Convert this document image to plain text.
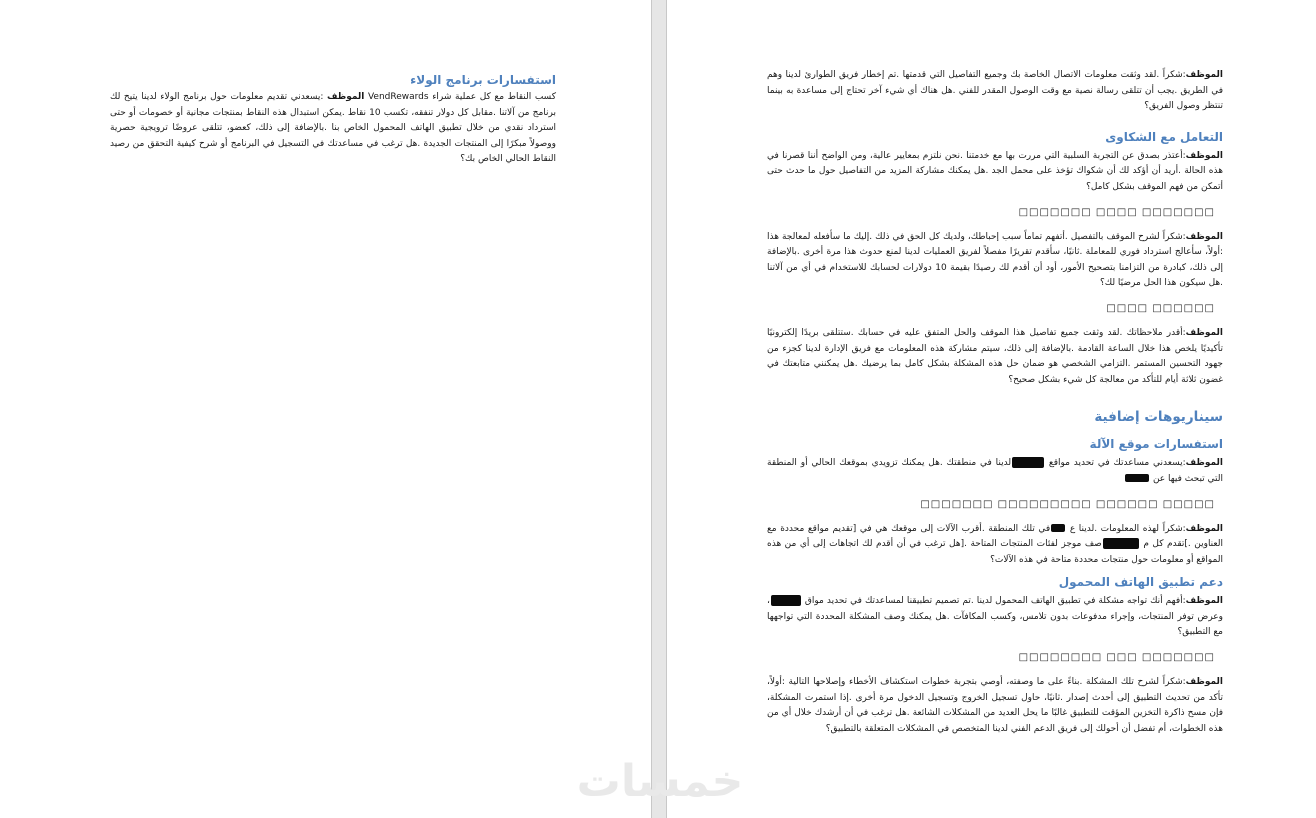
استفسارات برنامج الولاء

كسب النقاط مع كل عملية شراء VendRewards الموظف :يسعدني تقديم معلومات حول برنامج الولاء لدينا يتيح لك برنامج من آلاتنا .مقابل كل دولار تنفقه، تكسب 10 نقاط .يمكن استبدال هذه النقاط بمنتجات مجانية أو خصومات أو حتى استرداد نقدي من خلال تطبيق الهاتف المحمول الخاص بنا .بالإضافة إلى ذلك، كعضو، تتلقى عروضًا ترويجية حصرية ووصولاً مبكرًا إلى المنتجات الجديدة .هل ترغب في مساعدتك في التسجيل في البرنامج أو شرح كيفية التحقق من رصيد النقاط الحالي الخاص بك؟

الموظف:شكراً .لقد وثقت معلومات الاتصال الخاصة بك وجميع التفاصيل التي قدمتها .تم إخطار فريق الطوارئ لدينا وهم في الطريق .يجب أن تتلقى رسالة نصية مع وقت الوصول المقدر للفني .هل هناك أي شيء آخر تحتاج إلى مساعدة به بينما تنتظر وصول الفريق؟

التعامل مع الشكاوى

الموظف:أعتذر بصدق عن التجربة السلبية التي مررت بها مع خدمتنا .نحن نلتزم بمعايير عالية، ومن الواضح أننا قصرنا في هذه الحالة .أريد أن أؤكد لك أن شكواك تؤخذ على محمل الجد .هل يمكنك مشاركة المزيد من التفاصيل حول ما حدث حتى أتمكن من فهم الموقف بشكل كامل؟

□□□□□□□ □□□□ □□□□□□□

الموظف:شكراً لشرح الموقف بالتفصيل .أتفهم تماماً سبب إحباطك، ولديك كل الحق في ذلك .إليك ما سأفعله لمعالجة هذا :أولاً، سأعالج استرداد فوري للمعاملة .ثانيًا، سأقدم تقريرًا مفصلاً لفريق العمليات لدينا لمنع حدوث هذا مرة أخرى .بالإضافة إلى ذلك، كبادرة من التزامنا بتصحيح الأمور، أود أن أقدم لك رصيدًا بقيمة 10 دولارات لحسابك للاستخدام في أي من آلاتنا .هل سيكون هذا الحل مرضيًا لك؟

□□□□ □□□□□□

الموظف:أقدر ملاحظاتك .لقد وثقت جميع تفاصيل هذا الموقف والحل المتفق عليه في حسابك .ستتلقى بريدًا إلكترونيًا تأكيديًا يلخص هذا خلال الساعة القادمة .بالإضافة إلى ذلك، سيتم مشاركة هذه المعلومات مع فريق الإدارة لدينا كجزء من جهود التحسين المستمر .التزامي الشخصي هو ضمان حل هذه المشكلة بشكل كامل بما يرضيك .هل يمكنني متابعتك في غضون ثلاثة أيام للتأكد من معالجة كل شيء بشكل صحيح؟

سيناريوهات إضافية
استفسارات موقع الآلة

الموظف:يسعدني مساعدتك في تحديد مواقع لدينا في منطقتك .هل يمكنك تزويدي بموقعك الحالي أو المنطقة التي تبحث فيها عن

□□□□□□□ □□□□□□□□□ □□□□□□ □□□□□

الموظف:شكراً لهذه المعلومات .لدينا ع في تلك المنطقة .أقرب الآلات إلى موقعك هي في [تقديم مواقع محددة مع العناوين .]تقدم كل م صف موجز لفئات المنتجات المتاحة .[هل ترغب في أن أقدم لك اتجاهات إلى أي من هذه المواقع أو معلومات حول منتجات محددة متاحة في هذه الآلات؟

دعم تطبيق الهاتف المحمول

الموظف:أفهم أنك تواجه مشكلة في تطبيق الهاتف المحمول لدينا .تم تصميم تطبيقنا لمساعدتك في تحديد مواق ، وعرض توفر المنتجات، وإجراء مدفوعات بدون تلامس، وكسب المكافآت .هل يمكنك وصف المشكلة المحددة التي تواجهها مع التطبيق؟

□□□□□□□□ □□□ □□□□□□□

الموظف:شكراً لشرح تلك المشكلة .بناءً على ما وصفته، أوصي بتجربة خطوات استكشاف الأخطاء وإصلاحها التالية :أولاً، تأكد من تحديث التطبيق إلى أحدث إصدار .ثانيًا، حاول تسجيل الخروج وتسجيل الدخول مرة أخرى .إذا استمرت المشكلة، فإن مسح ذاكرة التخزين المؤقت للتطبيق غالبًا ما يحل العديد من المشكلات الشائعة .هل ترغب في أن أرشدك خلال أي من هذه الخطوات، أم تفضل أن أحولك إلى فريق الدعم الفني لدينا المتخصص في المشكلات المتعلقة بالتطبيق؟

خمسات
